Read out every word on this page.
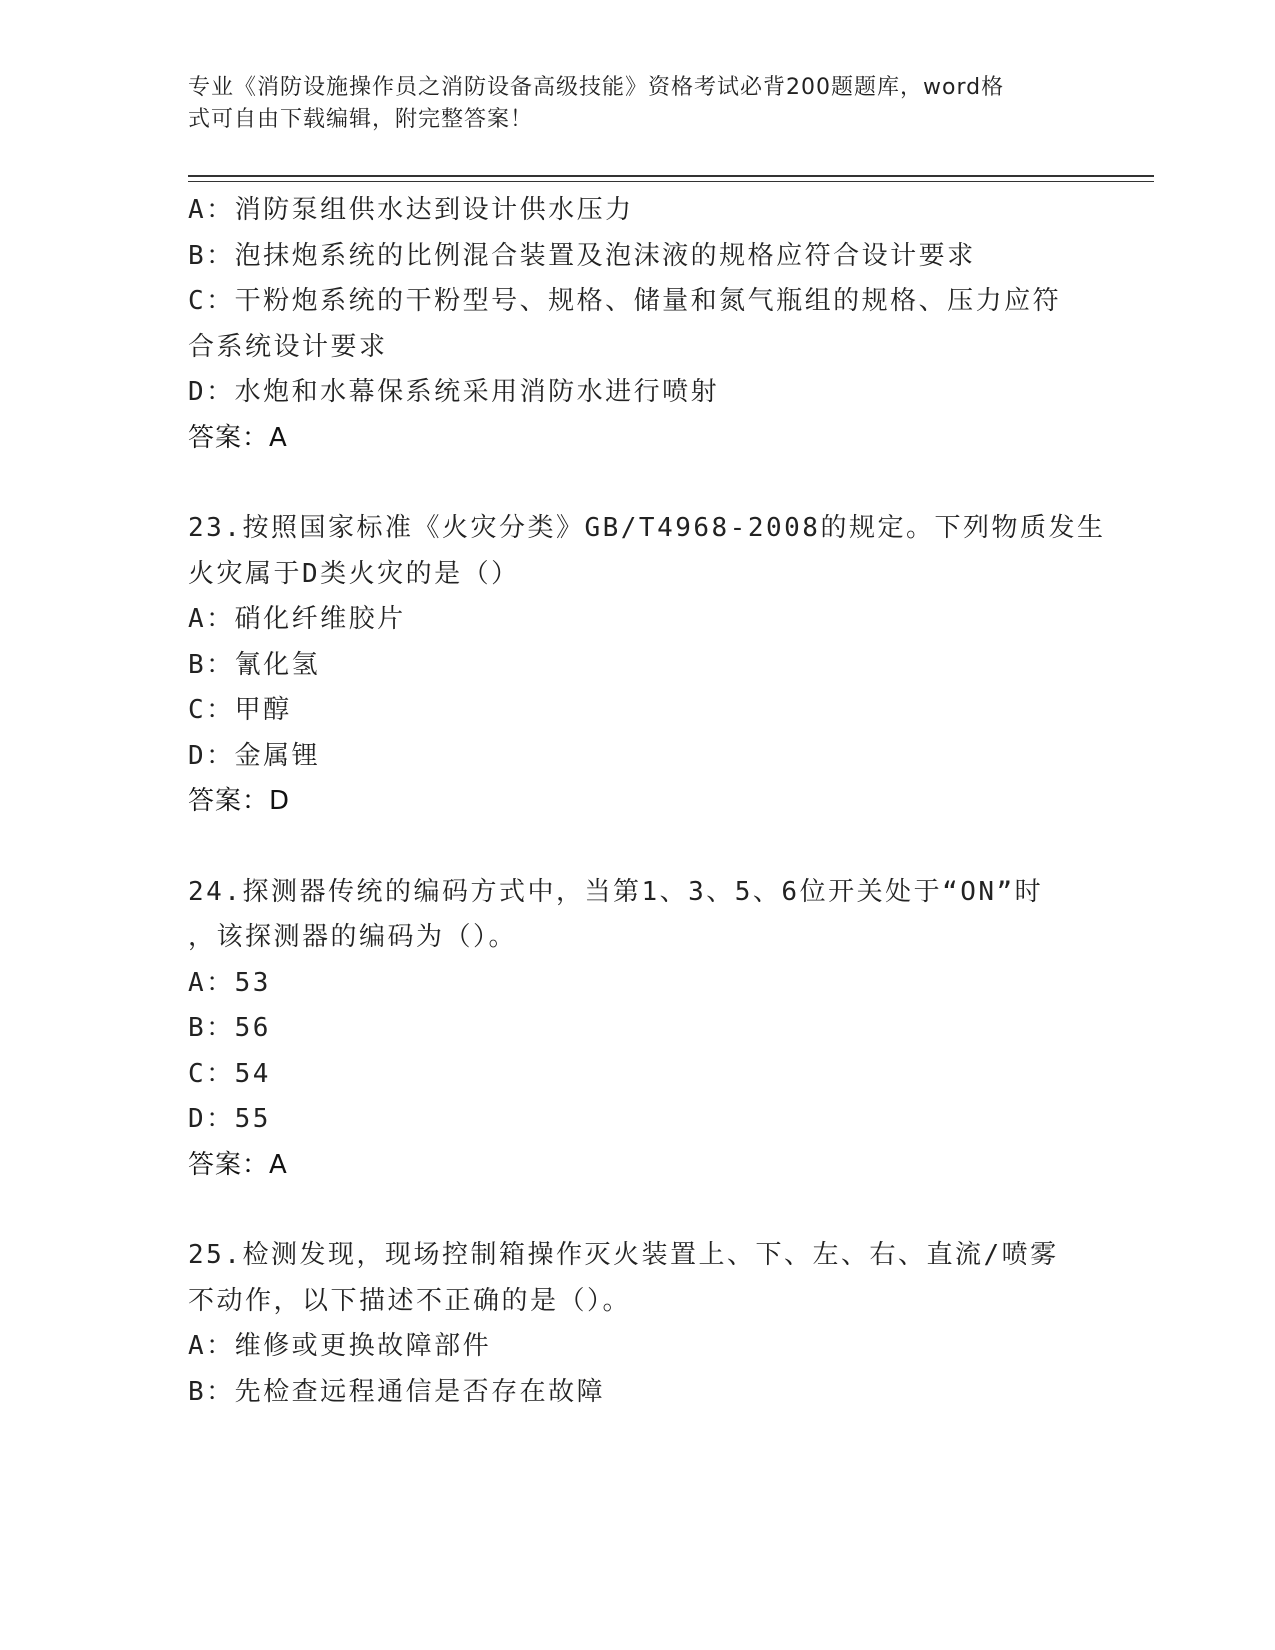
专业《消防设施操作员之消防设备高级技能》资格考试必背200题题库，word格
式可自由下载编辑，附完整答案！
A：消防泵组供水达到设计供水压力
B：泡抹炮系统的比例混合装置及泡沫液的规格应符合设计要求
C：干粉炮系统的干粉型号、规格、储量和氮气瓶组的规格、压力应符
合系统设计要求
D：水炮和水幕保系统采用消防水进行喷射
答案：A
23.按照国家标准《火灾分类》GB/T4968-2008的规定。下列物质发生
火灾属于D类火灾的是（）
A：硝化纤维胶片
B：氰化氢
C：甲醇
D：金属锂
答案：D
24.探测器传统的编码方式中，当第1、3、5、6位开关处于“ON”时
，该探测器的编码为（）。
A：53
B：56
C：54
D：55
答案：A
25.检测发现，现场控制箱操作灭火装置上、下、左、右、直流/喷雾
不动作，以下描述不正确的是（）。
A：维修或更换故障部件
B：先检查远程通信是否存在故障
